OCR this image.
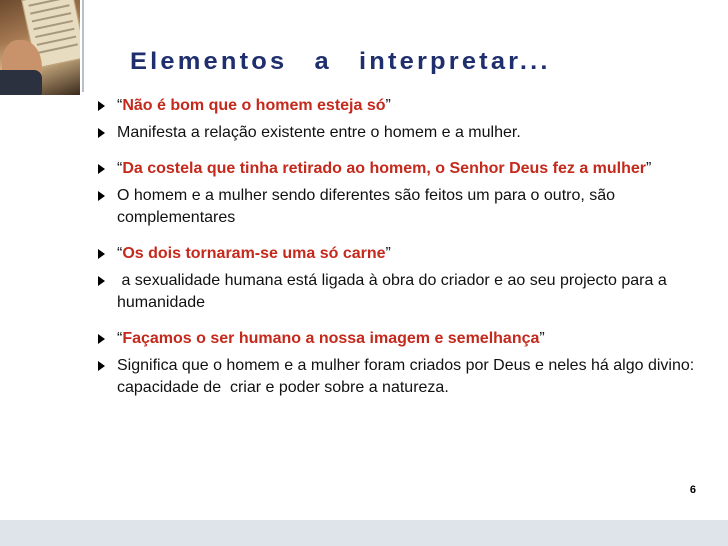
Elementos a interpretar...
“Não é bom que o homem esteja só”
Manifesta a relação existente entre o homem e a mulher.
“Da costela que tinha retirado ao homem, o Senhor Deus fez a mulher”
O homem e a mulher sendo diferentes são feitos um para o outro, são complementares
“Os dois tornaram-se uma só carne”
a sexualidade humana está ligada à obra do criador e ao seu projecto para a humanidade
“Façamos o ser humano a nossa imagem e semelhança”
Significa que o homem e a mulher foram criados por Deus e neles há algo divino: capacidade de  criar e poder sobre a natureza.
6
